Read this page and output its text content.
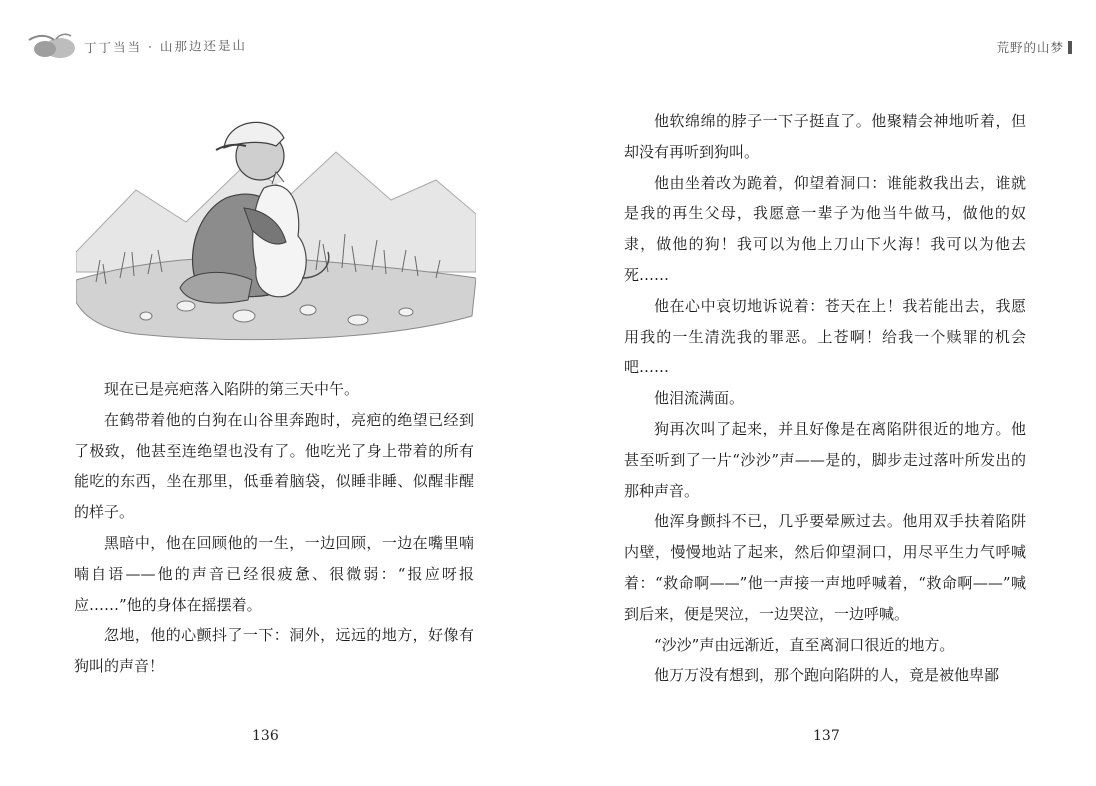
丁丁当当 · 山那边还是山

现在已是亮疤落入陷阱的第三天中午。

在鹤带着他的白狗在山谷里奔跑时，亮疤的绝望已经到了极致，他甚至连绝望也没有了。他吃光了身上带着的所有能吃的东西，坐在那里，低垂着脑袋，似睡非睡、似醒非醒的样子。

黑暗中，他在回顾他的一生，一边回顾，一边在嘴里喃喃自语——他的声音已经很疲惫、很微弱：“报应呀报应……”他的身体在摇摆着。

忽地，他的心颤抖了一下：洞外，远远的地方，好像有狗叫的声音！

136
荒野的山梦

他软绵绵的脖子一下子挺直了。他聚精会神地听着，但却没有再听到狗叫。

他由坐着改为跪着，仰望着洞口：谁能救我出去，谁就是我的再生父母，我愿意一辈子为他当牛做马，做他的奴隶，做他的狗！我可以为他上刀山下火海！我可以为他去死……

他在心中哀切地诉说着：苍天在上！我若能出去，我愿用我的一生清洗我的罪恶。上苍啊！给我一个赎罪的机会吧……

他泪流满面。

狗再次叫了起来，并且好像是在离陷阱很近的地方。他甚至听到了一片“沙沙”声——是的，脚步走过落叶所发出的那种声音。

他浑身颤抖不已，几乎要晕厥过去。他用双手扶着陷阱内壁，慢慢地站了起来，然后仰望洞口，用尽平生力气呼喊着：“救命啊——”他一声接一声地呼喊着，“救命啊——”喊到后来，便是哭泣，一边哭泣，一边呼喊。

“沙沙”声由远渐近，直至离洞口很近的地方。

他万万没有想到，那个跑向陷阱的人，竟是被他卑鄙

137
